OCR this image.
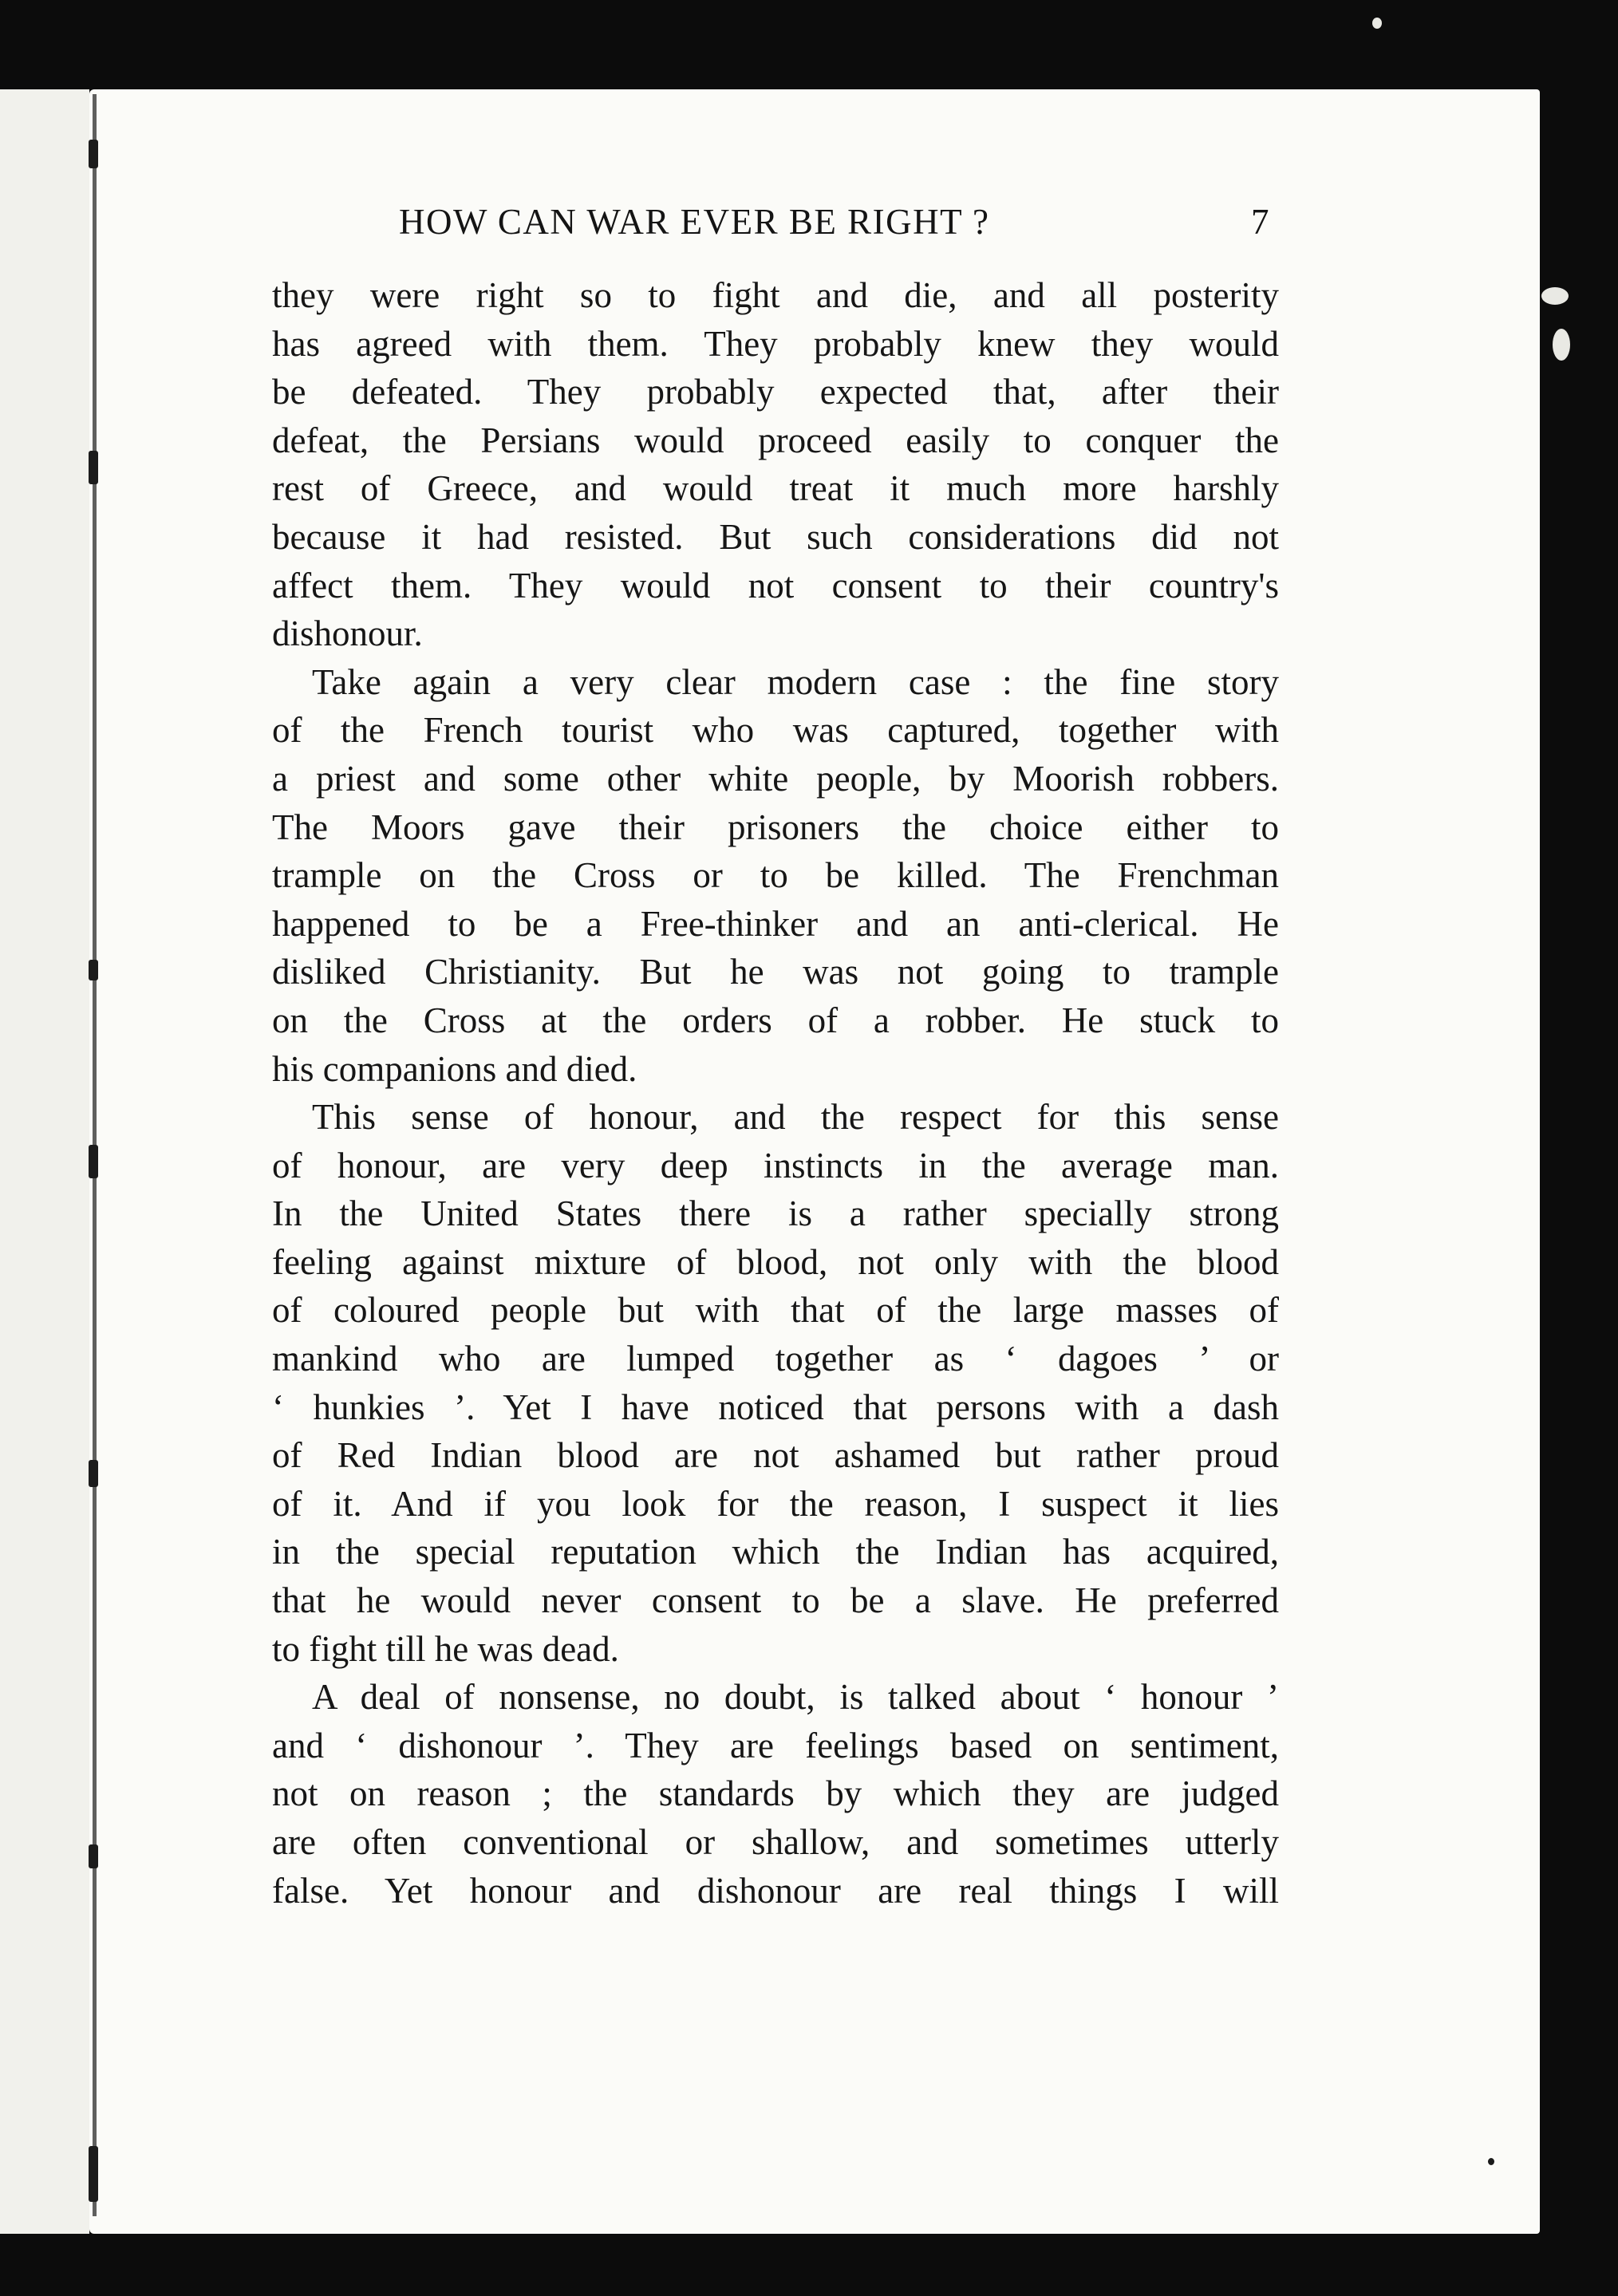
HOW CAN WAR EVER BE RIGHT ?	7
they were right so to fight and die, and all posterity
has agreed with them. They probably knew they would
be defeated. They probably expected that, after their
defeat, the Persians would proceed easily to conquer the
rest of Greece, and would treat it much more harshly
because it had resisted. But such considerations did not
affect them. They would not consent to their country's
dishonour.
Take again a very clear modern case : the fine story
of the French tourist who was captured, together with
a priest and some other white people, by Moorish robbers.
The Moors gave their prisoners the choice either to
trample on the Cross or to be killed. The Frenchman
happened to be a Free-thinker and an anti-clerical. He
disliked Christianity. But he was not going to trample
on the Cross at the orders of a robber. He stuck to
his companions and died.
This sense of honour, and the respect for this sense
of honour, are very deep instincts in the average man.
In the United States there is a rather specially strong
feeling against mixture of blood, not only with the blood
of coloured people but with that of the large masses of
mankind who are lumped together as ‘ dagoes ’ or
‘ hunkies ’. Yet I have noticed that persons with a dash
of Red Indian blood are not ashamed but rather proud
of it. And if you look for the reason, I suspect it lies
in the special reputation which the Indian has acquired,
that he would never consent to be a slave. He preferred
to fight till he was dead.
A deal of nonsense, no doubt, is talked about ‘ honour ’
and ‘ dishonour ’. They are feelings based on sentiment,
not on reason ; the standards by which they are judged
are often conventional or shallow, and sometimes utterly
false. Yet honour and dishonour are real things I will
